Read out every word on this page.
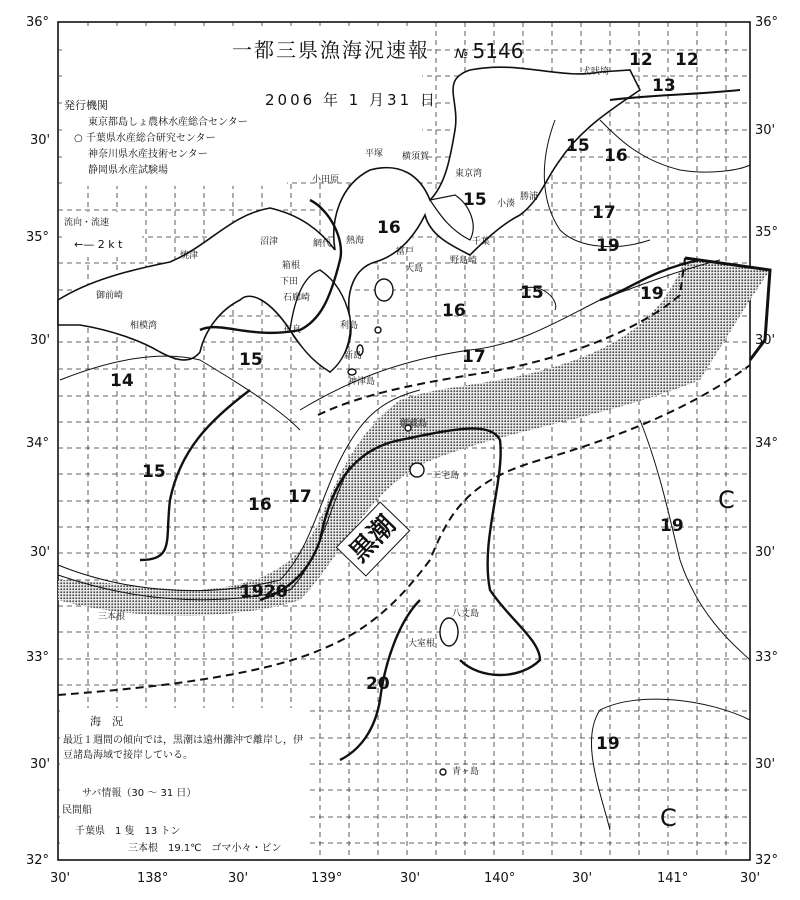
一都三県漁海況速報 № 5146
2006 年 1 月31 日
発行機関
東京都島しょ農林水産総合センター
○ 千葉県水産総合研究センター
神奈川県水産技術センター
静岡県水産試験場
流向・流速
←— 2 k t
黒潮
犬吠埼
平塚 横須賀
小田原
東京湾
小湊
勝浦
沼津	網代 熱海	千葉
富戸
焼津
箱根	大島
野島崎
下田
石廊崎
御前崎
相模湾	布良	利島
新島
神津島
御蔵島
三宅島
八丈島
大室根
青ヶ島
三本根
12 12
13
14
15
15
15
15
15
16
16
16
16
17
17
17
19
19
19
19
19 20
20
C
C
36°
30'
35°
30'
34°
30'
33°
30'
32°
36°
30'
35°
30'
34°
30'
33°
30'
32°
30'	138°	30'	139°	30'	140°	30'	141°	30'
海　況
最近１週間の傾向では，黒潮は遠州灘沖で離岸し，伊豆諸島海域で接岸している。
サバ情報（30 〜 31 日）
民間船
千葉県　1 隻　13 トン
三本根　19.1℃　ゴマ小々・ビン
